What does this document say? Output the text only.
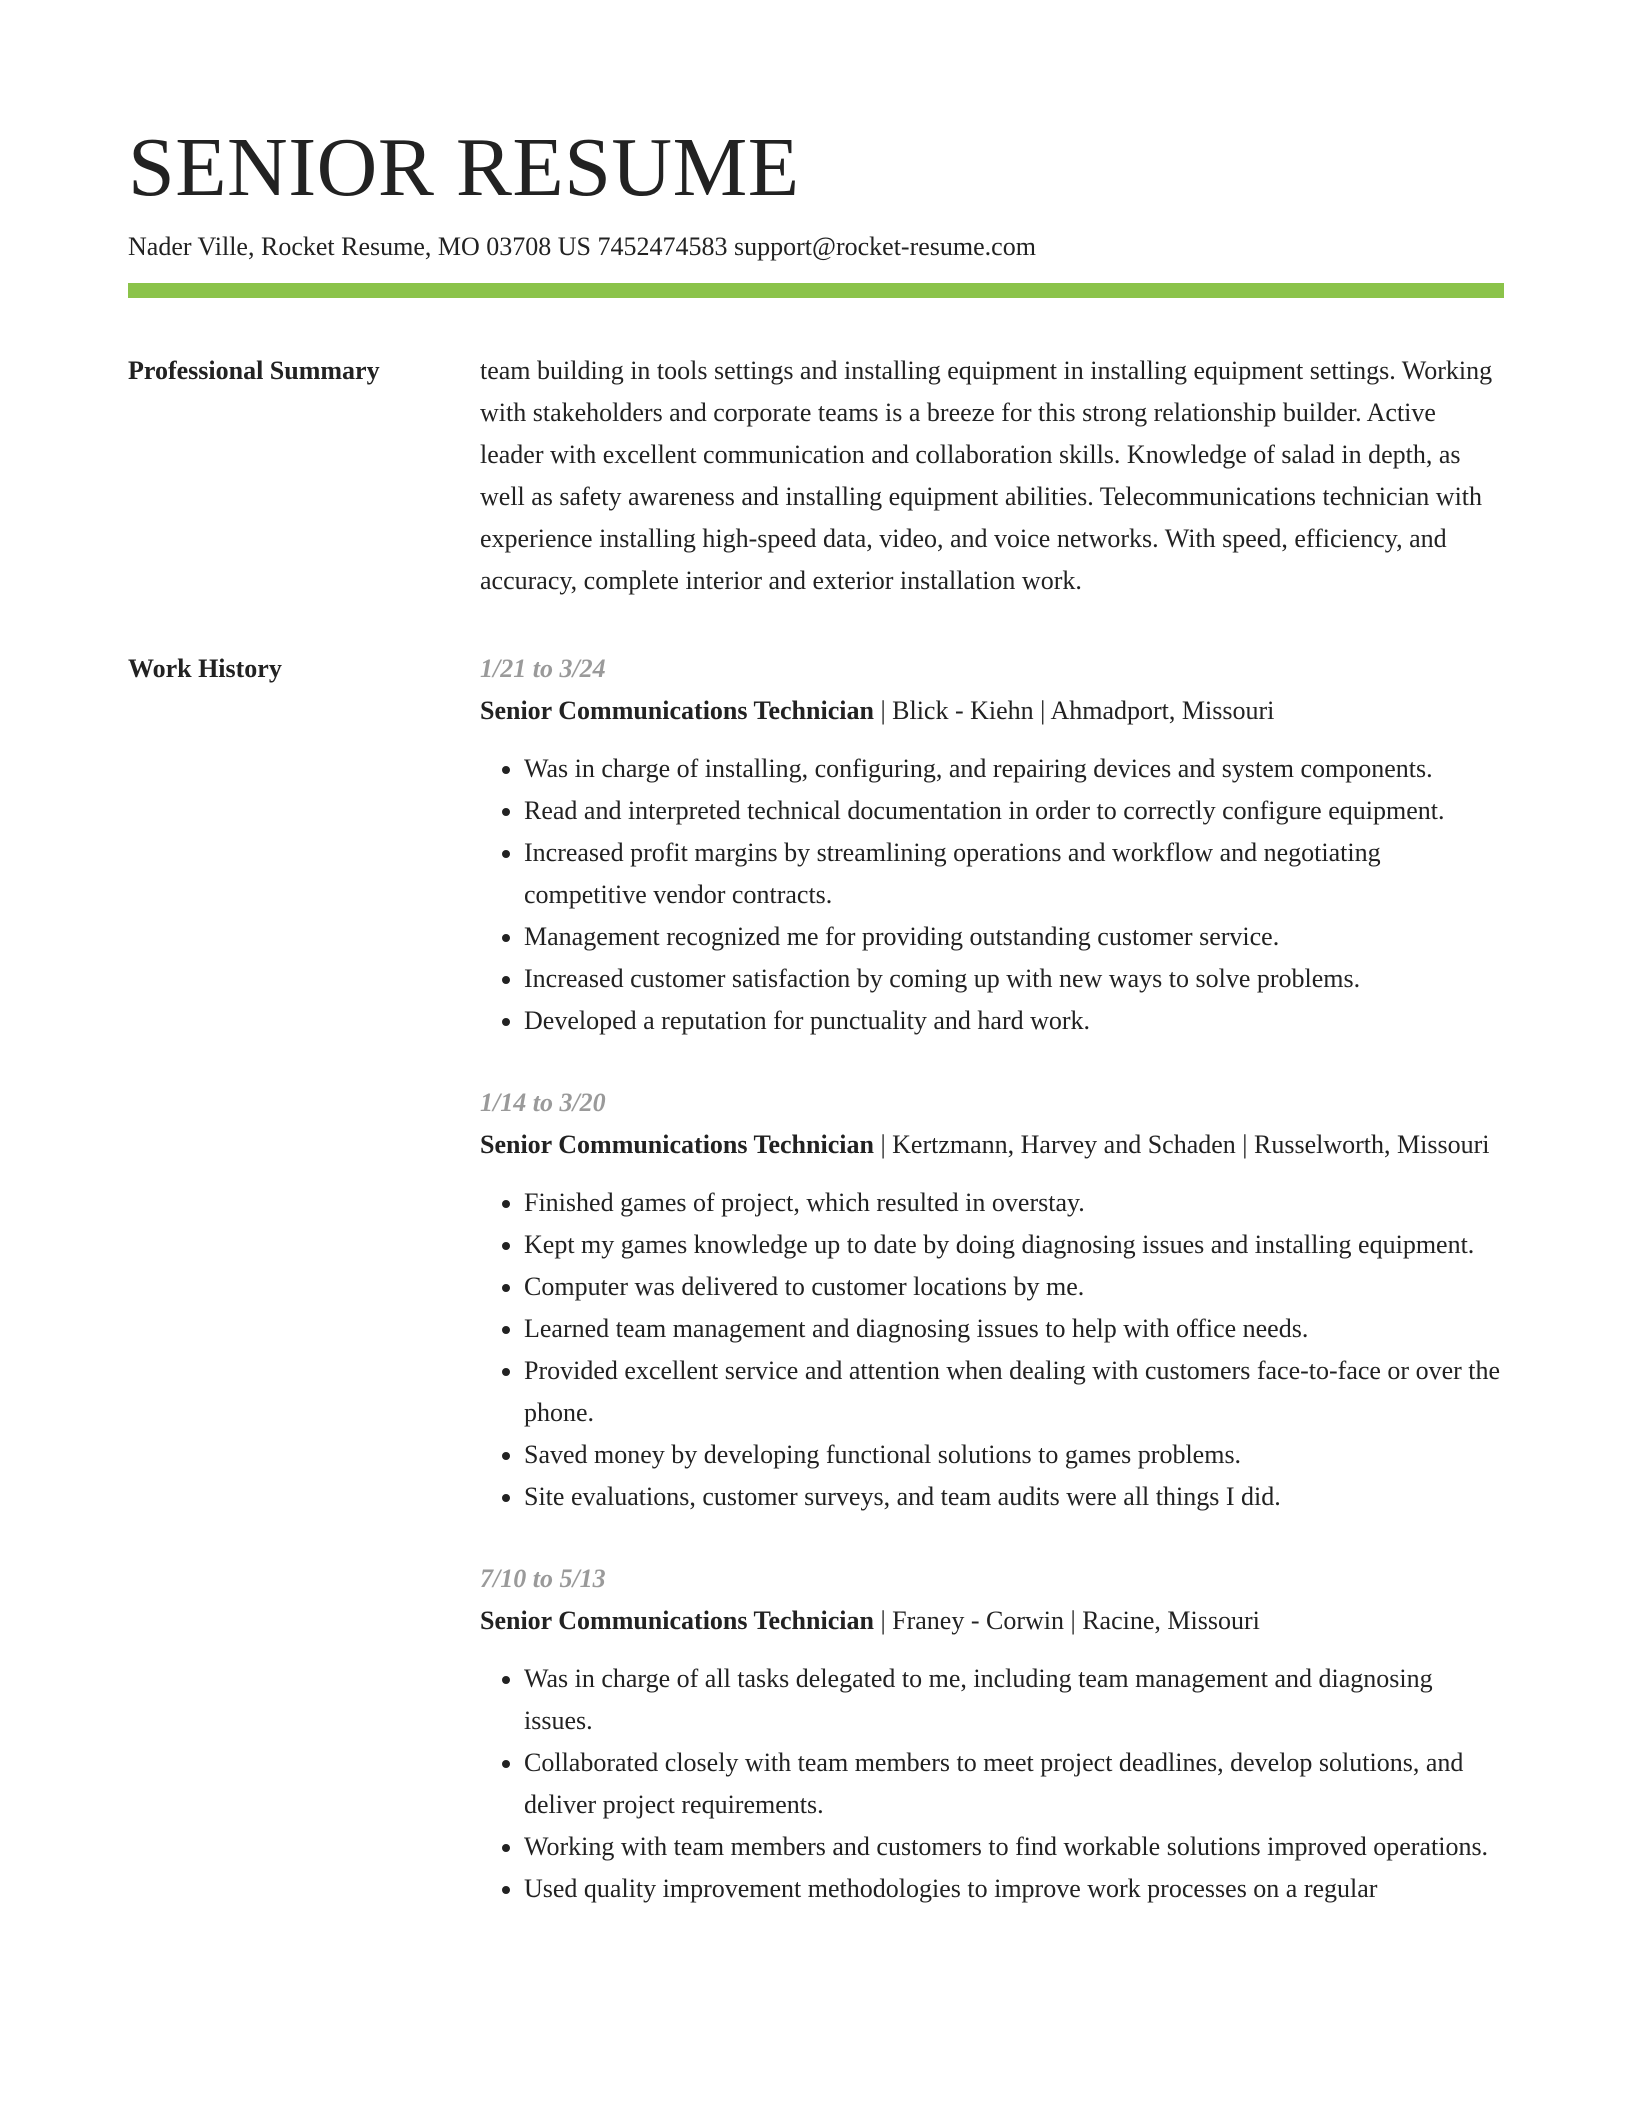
SENIOR RESUME
Nader Ville, Rocket Resume, MO 03708 US 7452474583 support@rocket-resume.com
Professional Summary	team building in tools settings and installing equipment in installing equipment settings. Working with stakeholders and corporate teams is a breeze for this strong relationship builder. Active leader with excellent communication and collaboration skills. Knowledge of salad in depth, as well as safety awareness and installing equipment abilities. Telecommunications technician with experience installing high-speed data, video, and voice networks. With speed, efficiency, and accuracy, complete interior and exterior installation work.

Work History	1/21 to 3/24
Senior Communications Technician | Blick - Kiehn | Ahmadport, Missouri
• Was in charge of installing, configuring, and repairing devices and system components.
• Read and interpreted technical documentation in order to correctly configure equipment.
• Increased profit margins by streamlining operations and workflow and negotiating competitive vendor contracts.
• Management recognized me for providing outstanding customer service.
• Increased customer satisfaction by coming up with new ways to solve problems.
• Developed a reputation for punctuality and hard work.
1/14 to 3/20
Senior Communications Technician | Kertzmann, Harvey and Schaden | Russelworth, Missouri
• Finished games of project, which resulted in overstay.
• Kept my games knowledge up to date by doing diagnosing issues and installing equipment.
• Computer was delivered to customer locations by me.
• Learned team management and diagnosing issues to help with office needs.
• Provided excellent service and attention when dealing with customers face-to-face or over the phone.
• Saved money by developing functional solutions to games problems.
• Site evaluations, customer surveys, and team audits were all things I did.
7/10 to 5/13
Senior Communications Technician | Franey - Corwin | Racine, Missouri
• Was in charge of all tasks delegated to me, including team management and diagnosing issues.
• Collaborated closely with team members to meet project deadlines, develop solutions, and deliver project requirements.
• Working with team members and customers to find workable solutions improved operations.
• Used quality improvement methodologies to improve work processes on a regular
